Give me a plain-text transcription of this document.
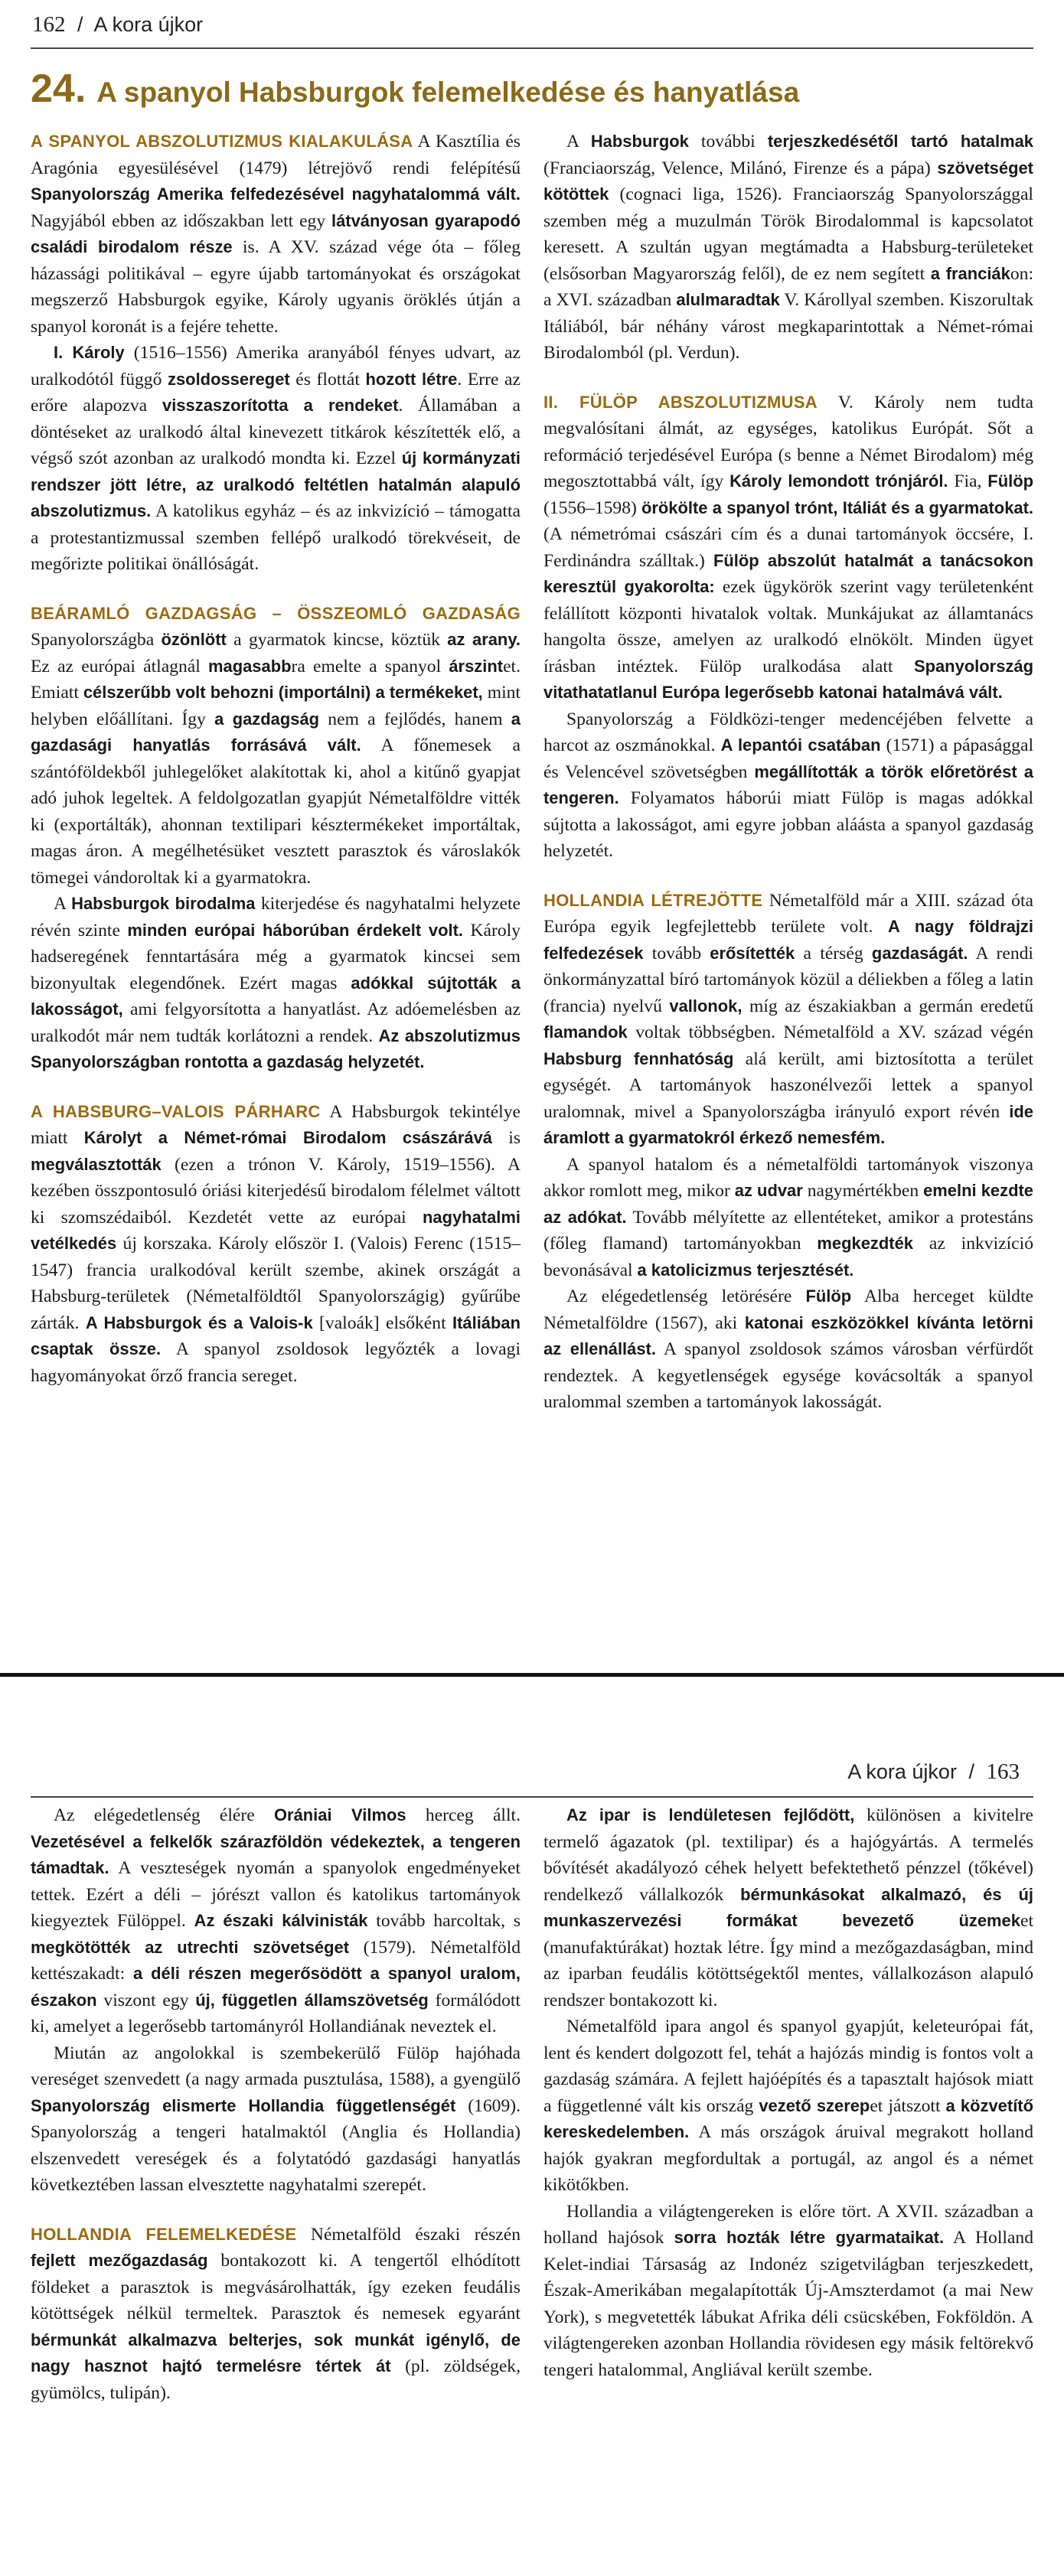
162 / A kora újkor
24. A spanyol Habsburgok felemelkedése és hanyatlása

A SPANYOL ABSZOLUTIZMUS KIALAKULÁSA A Kasztília és Aragónia egyesülésével (1479) létrejövő rendi felépítésű Spanyolország Amerika felfedezésével nagyhatalommá vált. Nagyjából ebben az időszakban lett egy látványosan gyarapodó családi birodalom része is. A XV. század vége óta – főleg házassági politikával – egyre újabb tartományokat és országokat megszerző Habsburgok egyike, Károly ugyanis öröklés útján a spanyol koronát is a fejére tehette.

I. Károly (1516–1556) Amerika aranyából fényes udvart, az uralkodótól függő zsoldossereget és flottát hozott létre. Erre az erőre alapozva visszaszorította a rendeket. Államában a döntéseket az uralkodó által kinevezett titkárok készítették elő, a végső szót azonban az uralkodó mondta ki. Ezzel új kormányzati rendszer jött létre, az uralkodó feltétlen hatalmán alapuló abszolutizmus. A katolikus egyház – és az inkvizíció – támogatta a protestantizmussal szemben fellépő uralkodó törekvéseit, de megőrizte politikai önállóságát.

BEÁRAMLÓ GAZDAGSÁG – ÖSSZEOMLÓ GAZDASÁG Spanyolországba özönlött a gyarmatok kincse, köztük az arany. Ez az európai átlagnál magasabbra emelte a spanyol árszintet. Emiatt célszerűbb volt behozni (importálni) a termékeket, mint helyben előállítani. Így a gazdagság nem a fejlődés, hanem a gazdasági hanyatlás forrásává vált. A főnemesek a szántóföldekből juhlegelőket alakítottak ki, ahol a kitűnő gyapjat adó juhok legeltek. A feldolgozatlan gyapjút Németalföldre vitték ki (exportálták), ahonnan textilipari késztermékeket importáltak, magas áron. A megélhetésüket vesztett parasztok és városlakók tömegei vándoroltak ki a gyarmatokra.

A Habsburgok birodalma kiterjedése és nagyhatalmi helyzete révén szinte minden európai háborúban érdekelt volt. Károly hadseregének fenntartására még a gyarmatok kincsei sem bizonyultak elegendőnek. Ezért magas adókkal sújtották a lakosságot, ami felgyorsította a hanyatlást. Az adóemelésben az uralkodót már nem tudták korlátozni a rendek. Az abszolutizmus Spanyolországban rontotta a gazdaság helyzetét.

A HABSBURG–VALOIS PÁRHARC A Habsburgok tekintélye miatt Károlyt a Német-római Birodalom császárává is megválasztották (ezen a trónon V. Károly, 1519–1556). A kezében összpontosuló óriási kiterjedésű birodalom félelmet váltott ki szomszédaiból. Kezdetét vette az európai nagyhatalmi vetélkedés új korszaka. Károly először I. (Valois) Ferenc (1515–1547) francia uralkodóval került szembe, akinek országát a Habsburg-területek (Németalföldtől Spanyolországig) gyűrűbe zárták. A Habsburgok és a Valois-k [valoák] elsőként Itáliában csaptak össze. A spanyol zsoldosok legyőzték a lovagi hagyományokat őrző francia sereget.

A Habsburgok további terjeszkedésétől tartó hatalmak (Franciaország, Velence, Milánó, Firenze és a pápa) szövetséget kötöttek (cognaci liga, 1526). Franciaország Spanyolországgal szemben még a muzulmán Török Birodalommal is kapcsolatot keresett. A szultán ugyan megtámadta a Habsburg-területeket (elsősorban Magyarország felől), de ez nem segített a franciákon: a XVI. században alulmaradtak V. Károllyal szemben. Kiszorultak Itáliából, bár néhány várost megkaparintottak a Német-római Birodalomból (pl. Verdun).

II. FÜLÖP ABSZOLUTIZMUSA V. Károly nem tudta megvalósítani álmát, az egységes, katolikus Európát. Sőt a reformáció terjedésével Európa (s benne a Német Birodalom) még megosztottabbá vált, így Károly lemondott trónjáról. Fia, Fülöp (1556–1598) örökölte a spanyol trónt, Itáliát és a gyarmatokat. (A németrómai császári cím és a dunai tartományok öccsére, I. Ferdinándra szálltak.) Fülöp abszolút hatalmát a tanácsokon keresztül gyakorolta: ezek ügykörök szerint vagy területenként felállított központi hivatalok voltak. Munkájukat az államtanács hangolta össze, amelyen az uralkodó elnökölt. Minden ügyet írásban intéztek. Fülöp uralkodása alatt Spanyolország vitathatatlanul Európa legerősebb katonai hatalmává vált.

Spanyolország a Földközi-tenger medencéjében felvette a harcot az oszmánokkal. A lepantói csatában (1571) a pápasággal és Velencével szövetségben megállították a török előretörést a tengeren. Folyamatos háborúi miatt Fülöp is magas adókkal sújtotta a lakosságot, ami egyre jobban aláásta a spanyol gazdaság helyzetét.

HOLLANDIA LÉTREJÖTTE Németalföld már a XIII. század óta Európa egyik legfejlettebb területe volt. A nagy földrajzi felfedezések tovább erősítették a térség gazdaságát. A rendi önkormányzattal bíró tartományok közül a déliekben a főleg a latin (francia) nyelvű vallonok, míg az északiakban a germán eredetű flamandok voltak többségben. Németalföld a XV. század végén Habsburg fennhatóság alá került, ami biztosította a terület egységét. A tartományok haszonélvezői lettek a spanyol uralomnak, mivel a Spanyolországba irányuló export révén ide áramlott a gyarmatokról érkező nemesfém.

A spanyol hatalom és a németalföldi tartományok viszonya akkor romlott meg, mikor az udvar nagymértékben emelni kezdte az adókat. Tovább mélyítette az ellentéteket, amikor a protestáns (főleg flamand) tartományokban megkezdték az inkvizíció bevonásával a katolicizmus terjesztését.

Az elégedetlenség letörésére Fülöp Alba herceget küldte Németalföldre (1567), aki katonai eszközökkel kívánta letörni az ellenállást. A spanyol zsoldosok számos városban vérfürdőt rendeztek. A kegyetlenségek egysége kovácsolták a spanyol uralommal szemben a tartományok lakosságát.

A kora újkor / 163

Az elégedetlenség élére Orániai Vilmos herceg állt. Vezetésével a felkelők szárazföldön védekeztek, a tengeren támadtak. A veszteségek nyomán a spanyolok engedményeket tettek. Ezért a déli – jórészt vallon és katolikus tartományok kiegyeztek Fülöppel. Az északi kálvinisták tovább harcoltak, s megkötötték az utrechti szövetséget (1579). Németalföld kettészakadt: a déli részen megerősödött a spanyol uralom, északon viszont egy új, független államszövetség formálódott ki, amelyet a legerősebb tartományról Hollandiának neveztek el.

Miután az angolokkal is szembekerülő Fülöp hajóhada vereséget szenvedett (a nagy armada pusztulása, 1588), a gyengülő Spanyolország elismerte Hollandia függetlenségét (1609). Spanyolország a tengeri hatalmaktól (Anglia és Hollandia) elszenvedett vereségek és a folytatódó gazdasági hanyatlás következtében lassan elvesztette nagyhatalmi szerepét.

HOLLANDIA FELEMELKEDÉSE Németalföld északi részén fejlett mezőgazdaság bontakozott ki. A tengertől elhódított földeket a parasztok is megvásárolhatták, így ezeken feudális kötöttségek nélkül termeltek. Parasztok és nemesek egyaránt bérmunkát alkalmazva belterjes, sok munkát igénylő, de nagy hasznot hajtó termelésre tértek át (pl. zöldségek, gyümölcs, tulipán).

Az ipar is lendületesen fejlődött, különösen a kivitelre termelő ágazatok (pl. textilipar) és a hajógyártás. A termelés bővítését akadályozó céhek helyett befektethető pénzzel (tőkével) rendelkező vállalkozók bérmunkásokat alkalmazó, és új munkaszervezési formákat bevezető üzemeket (manufaktúrákat) hoztak létre. Így mind a mezőgazdaságban, mind az iparban feudális kötöttségektől mentes, vállalkozáson alapuló rendszer bontakozott ki.

Németalföld ipara angol és spanyol gyapjút, keleteurópai fát, lent és kendert dolgozott fel, tehát a hajózás mindig is fontos volt a gazdaság számára. A fejlett hajóépítés és a tapasztalt hajósok miatt a függetlenné vált kis ország vezető szerepet játszott a közvetítő kereskedelemben. A más országok áruival megrakott holland hajók gyakran megfordultak a portugál, az angol és a német kikötőkben.

Hollandia a világtengereken is előre tört. A XVII. században a holland hajósok sorra hozták létre gyarmataikat. A Holland Kelet-indiai Társaság az Indonéz szigetvilágban terjeszkedett, Észak-Amerikában megalapították Új-Amszterdamot (a mai New York), s megvetették lábukat Afrika déli csücskében, Fokföldön. A világtengereken azonban Hollandia rövidesen egy másik feltörekvő tengeri hatalommal, Angliával került szembe.
